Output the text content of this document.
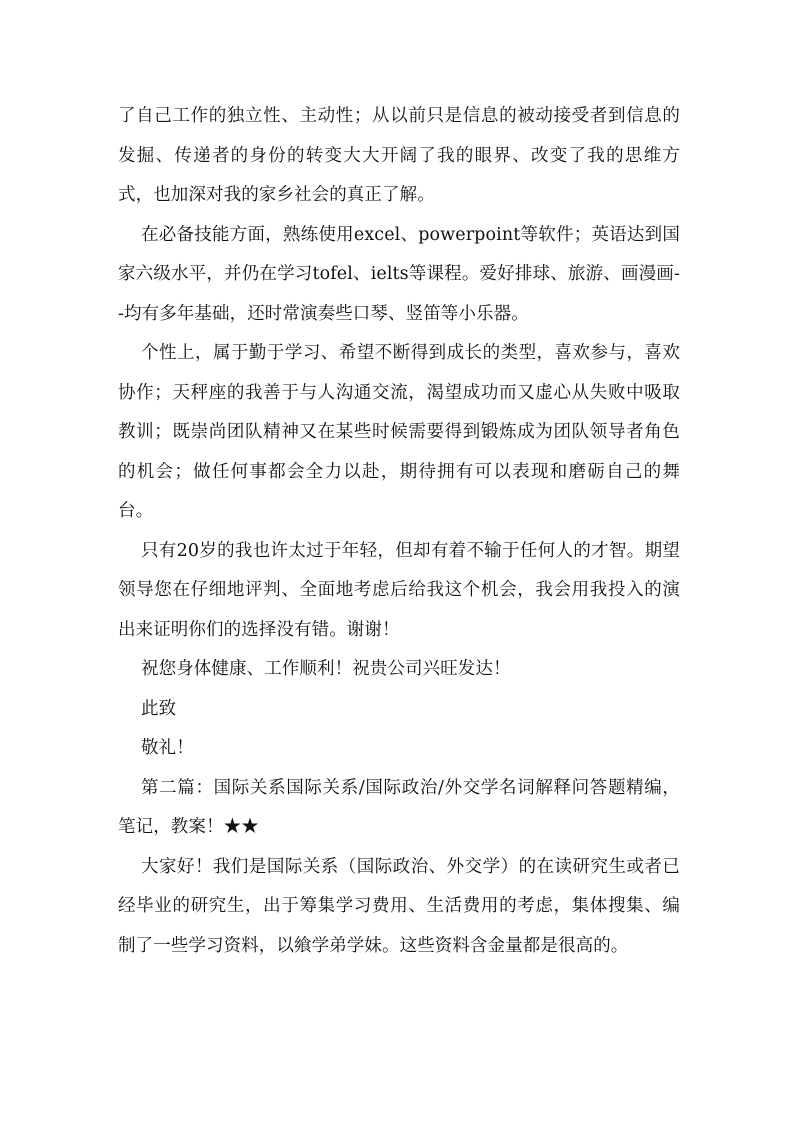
了自己工作的独立性、主动性；从以前只是信息的被动接受者到信息的发掘、传递者的身份的转变大大开阔了我的眼界、改变了我的思维方式，也加深对我的家乡社会的真正了解。

在必备技能方面，熟练使用excel、powerpoint等软件；英语达到国家六级水平，并仍在学习tofel、ielts等课程。爱好排球、旅游、画漫画--均有多年基础，还时常演奏些口琴、竖笛等小乐器。

个性上，属于勤于学习、希望不断得到成长的类型，喜欢参与，喜欢协作；天秤座的我善于与人沟通交流，渴望成功而又虚心从失败中吸取教训；既崇尚团队精神又在某些时候需要得到锻炼成为团队领导者角色的机会；做任何事都会全力以赴，期待拥有可以表现和磨砺自己的舞台。

只有20岁的我也许太过于年轻，但却有着不输于任何人的才智。期望领导您在仔细地评判、全面地考虑后给我这个机会，我会用我投入的演出来证明你们的选择没有错。谢谢！

祝您身体健康、工作顺利！祝贵公司兴旺发达！

此致

敬礼！

第二篇：国际关系国际关系/国际政治/外交学名词解释问答题精编，笔记，教案！★★

大家好！我们是国际关系（国际政治、外交学）的在读研究生或者已经毕业的研究生，出于筹集学习费用、生活费用的考虑，集体搜集、编制了一些学习资料，以飨学弟学妹。这些资料含金量都是很高的。
